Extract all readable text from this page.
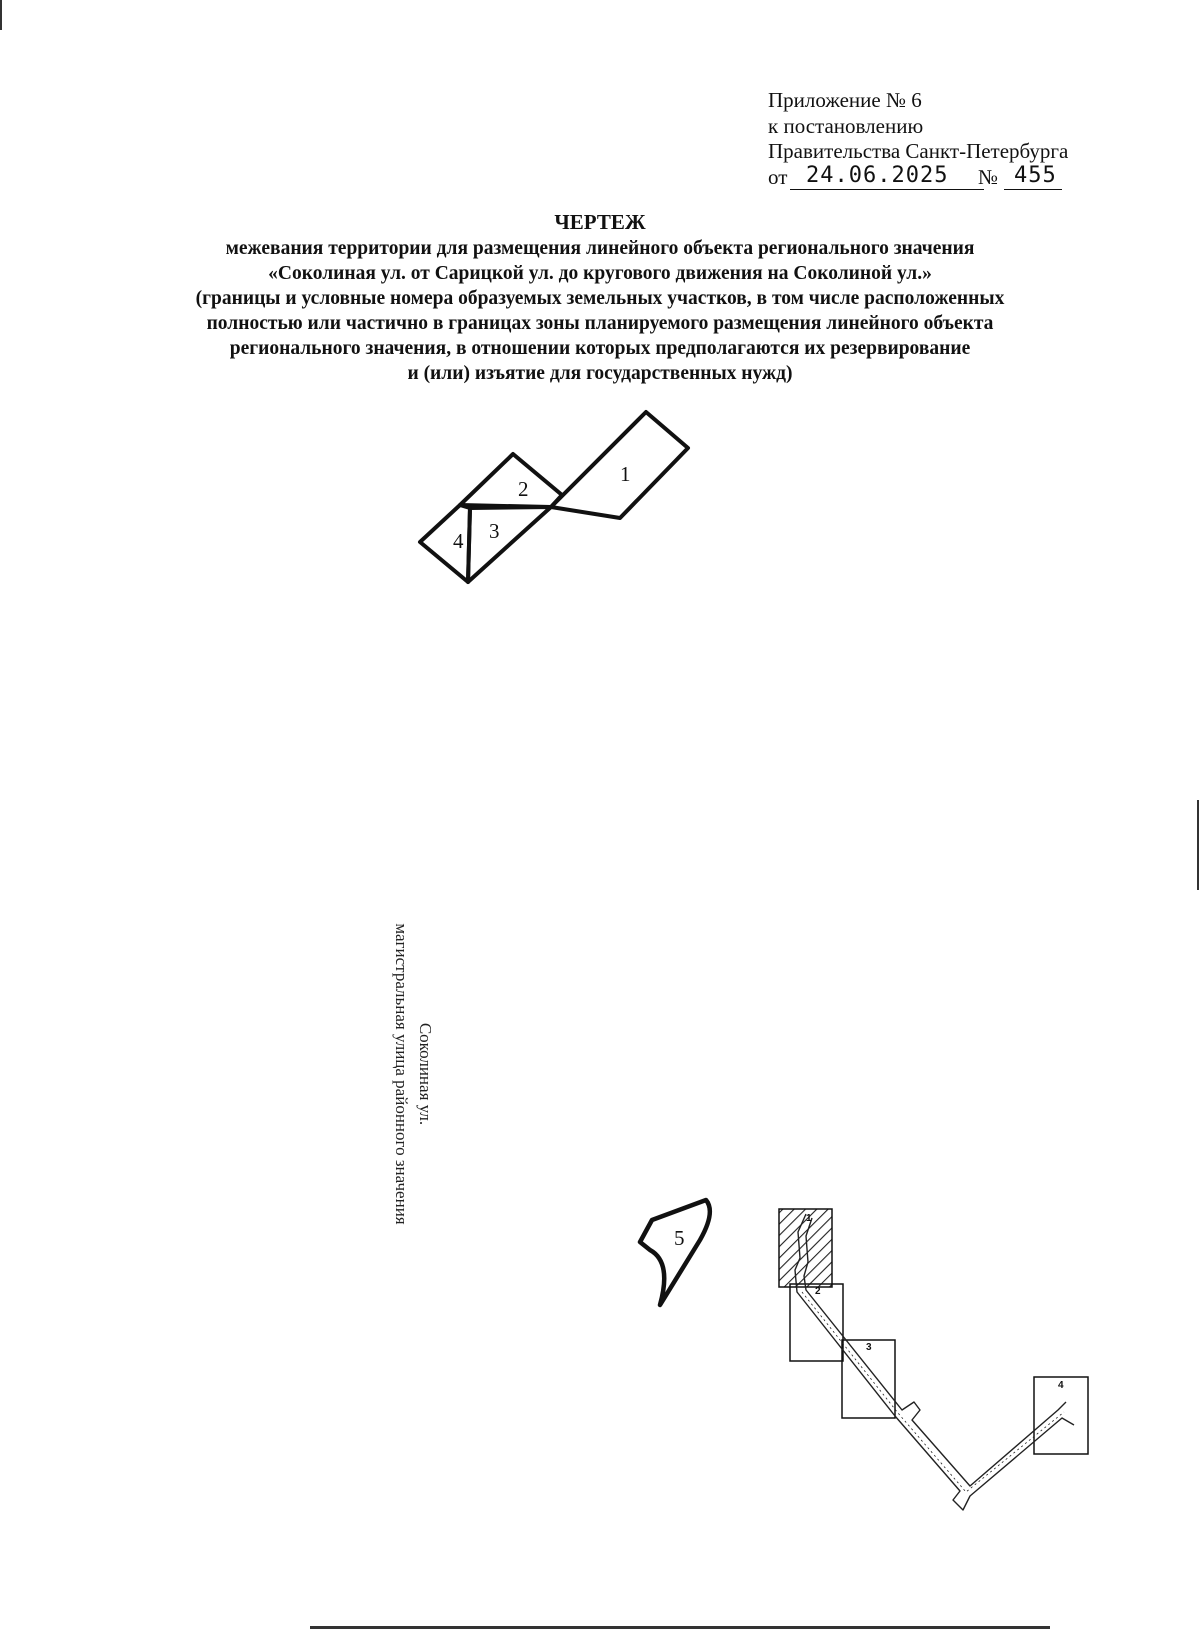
Приложение № 6
к постановлению
Правительства Санкт-Петербурга
от 24.06.2025 № 455
ЧЕРТЕЖ
межевания территории для размещения линейного объекта регионального значения
«Соколиная ул. от Сарицкой ул. до кругового движения на Соколиной ул.»
(границы и условные номера образуемых земельных участков, в том числе расположенных
полностью или частично в границах зоны планируемого размещения линейного объекта
регионального значения, в отношении которых предполагаются их резервирование
и (или) изъятие для государственных нужд)
1
2
3
4
5
1
2
3
4
Соколиная ул.
магистральная улица районного значения
